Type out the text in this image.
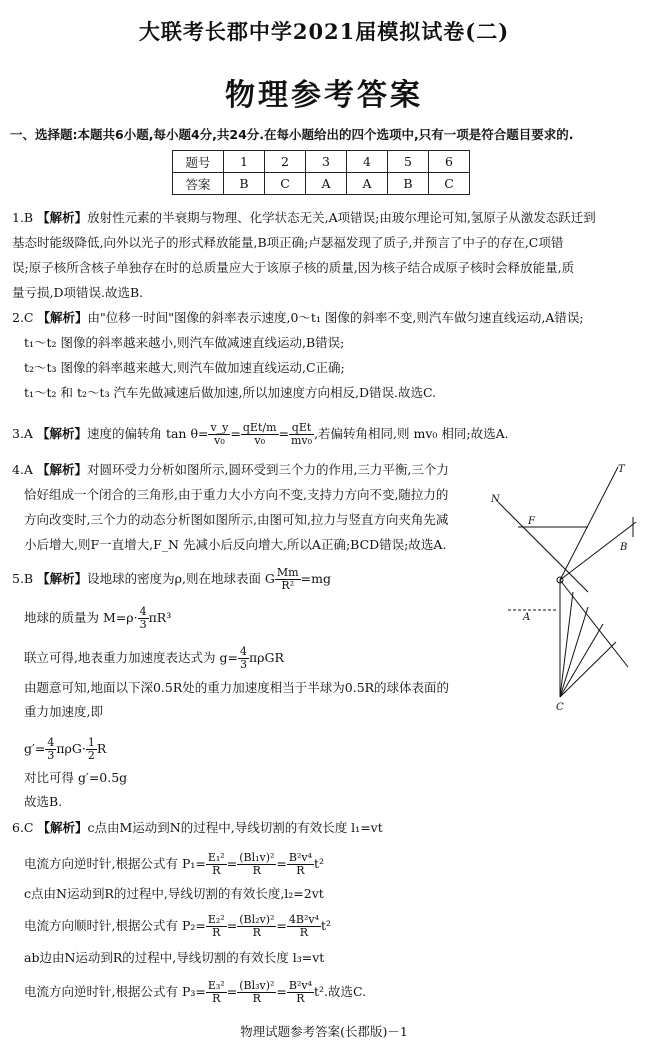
大联考长郡中学2021届模拟试卷(二)
物理参考答案
一、选择题:本题共6小题,每小题4分,共24分.在每小题给出的四个选项中,只有一项是符合题目要求的.
题号	1	2	3	4	5	6
答案	B	C	A	A	B	C
1.B 【解析】放射性元素的半衰期与物理、化学状态无关,A项错误;由玻尔理论可知,氢原子从激发态跃迁到
基态时能级降低,向外以光子的形式释放能量,B项正确;卢瑟福发现了质子,并预言了中子的存在,C项错
误;原子核所含核子单独存在时的总质量应大于该原子核的质量,因为核子结合成原子核时会释放能量,质
量亏损,D项错误.故选B.
2.C 【解析】由"位移一时间"图像的斜率表示速度,0～t₁ 图像的斜率不变,则汽车做匀速直线运动,A错误;
t₁～t₂ 图像的斜率越来越小,则汽车做减速直线运动,B错误;
t₂～t₃ 图像的斜率越来越大,则汽车做加速直线运动,C正确;
t₁～t₂ 和 t₂～t₃ 汽车先做减速后做加速,所以加速度方向相反,D错误.故选C.
3.A 【解析】速度的偏转角 $\tan \theta= \frac{v\_y}{\text{v₀}} = \frac{\text{qEt/m}}{\text{v₀}} = \frac{\text{qEt}}{\text{mv₀}}$ ,若偏转角相同,则 mv₀ 相同;故选A.
4.A 【解析】对圆环受力分析如图所示,圆环受到三个力的作用,三力平衡,三个力
恰好组成一个闭合的三角形,由于重力大小方向不变,支持力方向不变,随拉力的
方向改变时,三个力的动态分析图如图所示,由图可知,拉力与竖直方向夹角先减
小后增大,则F一直增大,F_N 先减小后反向增大,所以A正确;BCD错误;故选A.
T
N
F
B
A
C
5.B 【解析】设地球的密度为ρ,则在地球表面 G $\frac{Mm}{\text{R²}} =mg$
地球的质量为 $M=\rho\cdot \frac{4}{3} \pi R^3$
联立可得,地表重力加速度表达式为 $g= \frac{4}{3}$ πρGR
由题意可知,地面以下深0.5R处的重力加速度相当于半球为0.5R的球体表面的
重力加速度,即
$g'= \frac{4}{3} \pi\rho G\cdot \frac{1}{2}$ R
对比可得 g′=0.5g
故选B.
6.C 【解析】c点由M运动到N的过程中,导线切割的有效长度 l₁=vt
电流方向逆时针,根据公式有 $P_1= \frac{\text{E₁²}}{R} = \frac{\text{(Bl₁v)²}}{R} = \frac{\text{B²v⁴}}{R} t^2$
c点由N运动到R的过程中,导线切割的有效长度,l₂=2vt
电流方向顺时针,根据公式有 $P_2= \frac{\text{E₂²}}{R} = \frac{\text{(Bl₂v)²}}{R} = \frac{\text{4B²v⁴}}{R} t^2$
ab边由N运动到R的过程中,导线切割的有效长度 l₃=vt
电流方向逆时针,根据公式有 $P_3= \frac{\text{E₃²}}{R} = \frac{\text{(Bl₃v)²}}{R} = \frac{\text{B²v⁴}}{R} t^2$.故选C.
物理试题参考答案(长郡版)－1
